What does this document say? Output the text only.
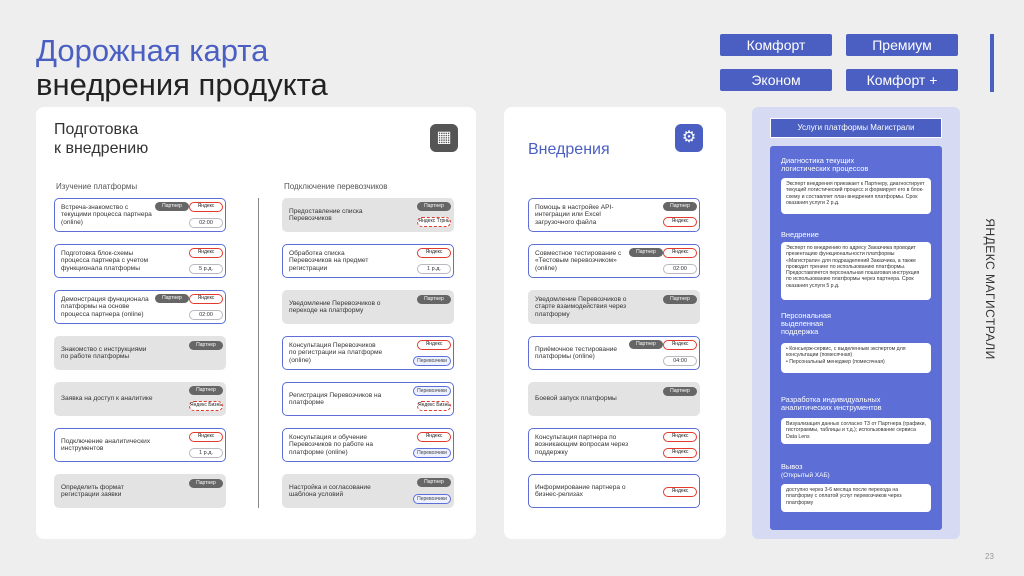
Дорожная карта
внедрения продукта
Комфорт	Премиум
Эконом	Комфорт +
Подготовка
к внедрению
▦
Изучение платформы	Подключение перевозчиков
Встреча-знакомство с текущими процесса партнера (online)
Партнер	Яндекс
02:00
Подготовка блок-схемы процесса партнера с учетом функционала платформы
Яндекс
5 р.д.
Демонстрация функционала платформы на основе процесса партнера (online)
Партнер	Яндекс
02:00
Знакомство с инструкциями по работе платформы
Партнер
Заявка на доступ к аналитике
Партнер
Яндекс Бизнь
Подключение аналитических инструментов
Яндекс
1 р.д.
Определить формат регистрации заявки
Партнер
Предоставление списка Перевозчиков
Партнер
Яндекс Тгрнь
Обработка списка Перевозчиков на предмет регистрации
Яндекс
1 р.д.
Уведомление Перевозчиков о переходе на платформу
Партнер
Консультация Перевозчиков по регистрации на платформе (online)
Яндекс
Перевозчики
Регистрация Перевозчиков на платформе
Перевозчики
Яндекс Бизнь
Консультация и обучение Перевозчиков по работе на платформе (online)
Яндекс
Перевозчики
Настройка и согласование шаблона условий
Партнер
Перевозчики
Внедрения
⚙
Помощь в настройке API-интеграции или Excel загрузочного файла
Партнер
Яндекс
Совместное тестирование с «Тестовым перевозчиком» (online)
Партнер	Яндекс
02:00
Уведомление Перевозчиков о старте взаимодействия через платформу
Партнер
Приёмочное тестирование платформы (online)
Партнер	Яндекс
04:00
Боевой запуск платформы
Партнер
Консультация партнера по возникающим вопросам через поддержку
Яндекс
Яндекс
Информирование партнера о бизнес-релизах	Яндекс
Услуги платформы Магистрали
Диагностика текущих логистических процессов
Эксперт внедрения приезжает к Партнеру, диагностирует текущий логистический процесс и формирует его в блок-схему и составляет план внедрения платформы. Срок оказания услуги 2 р.д.
Внедрение
Эксперт по внедрению по адресу Заказчика проводит презентацию функциональности платформы «Магистрали» для подразделений Заказчика, а также проводит тренинг по использованию платформы. Предоставляется персональная пошаговая инструкция по использованию платформы через партнера. Срок оказания услуги 5 р.д.
Персональная выделенная поддержка
• Консьерж-сервис, с выделенным экспертом для консультации (помесячная)
• Персональный менеджер (помесячная)
Разработка индивидуальных аналитических инструментов
Визуализация данных согласно ТЗ от Партнера (графики, гистограммы, таблицы и т.д.); использование сервиса Data Lens
Вывоз
(Открытый ХАБ)
доступно через 3-6 месяца после перехода на платформу с оплатой услуг перевозчиков через платформу
ЯНДЕКС МАГИСТРАЛИ
23
